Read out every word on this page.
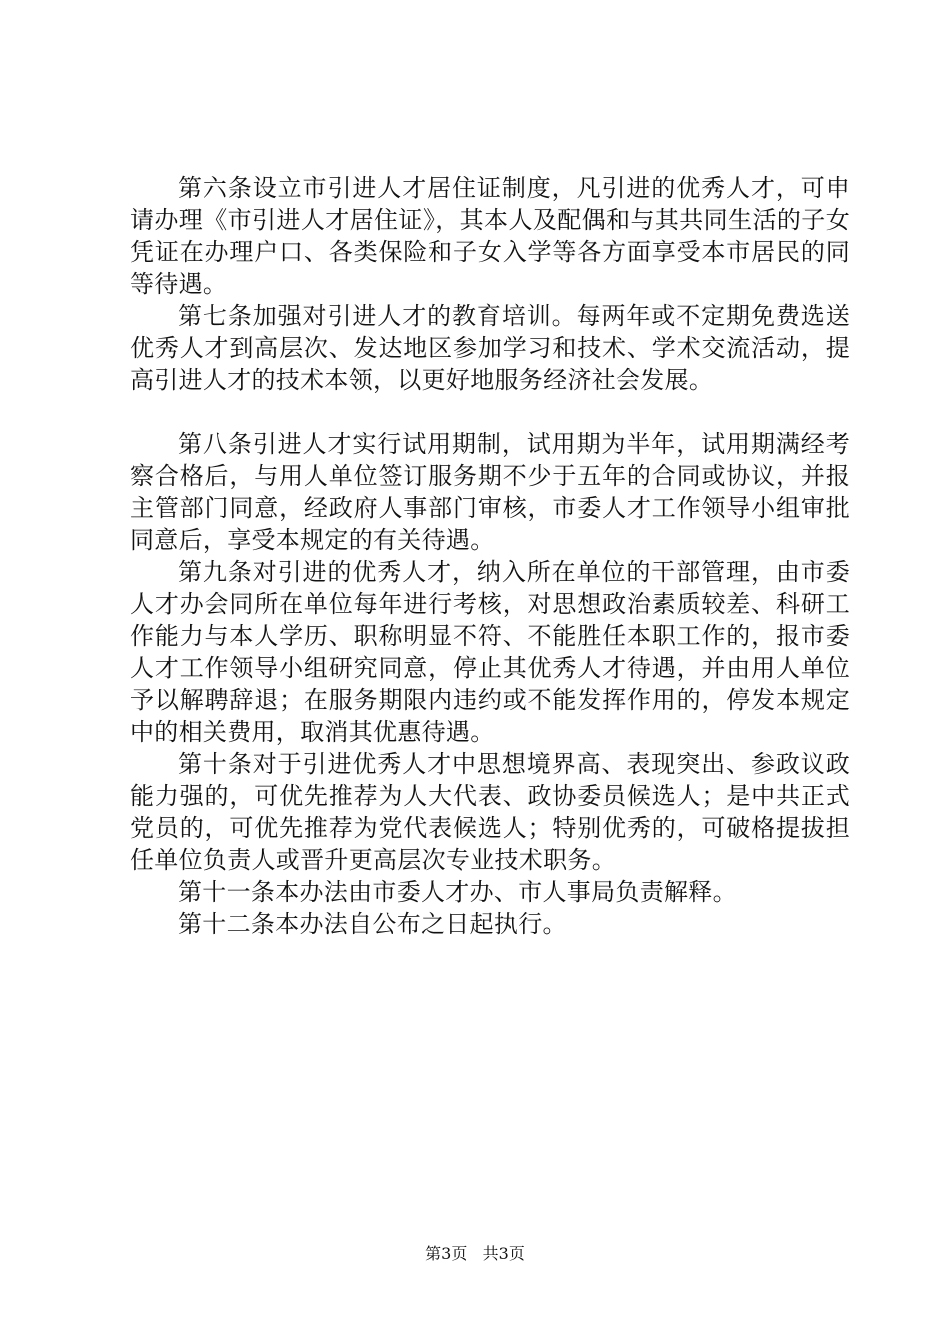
第六条设立市引进人才居住证制度，凡引进的优秀人才，可申请办理《市引进人才居住证》，其本人及配偶和与其共同生活的子女凭证在办理户口、各类保险和子女入学等各方面享受本市居民的同等待遇。

第七条加强对引进人才的教育培训。每两年或不定期免费选送优秀人才到高层次、发达地区参加学习和技术、学术交流活动，提高引进人才的技术本领，以更好地服务经济社会发展。

第八条引进人才实行试用期制，试用期为半年，试用期满经考察合格后，与用人单位签订服务期不少于五年的合同或协议，并报主管部门同意，经政府人事部门审核，市委人才工作领导小组审批同意后，享受本规定的有关待遇。

第九条对引进的优秀人才，纳入所在单位的干部管理，由市委人才办会同所在单位每年进行考核，对思想政治素质较差、科研工作能力与本人学历、职称明显不符、不能胜任本职工作的，报市委人才工作领导小组研究同意，停止其优秀人才待遇，并由用人单位予以解聘辞退；在服务期限内违约或不能发挥作用的，停发本规定中的相关费用，取消其优惠待遇。

第十条对于引进优秀人才中思想境界高、表现突出、参政议政能力强的，可优先推荐为人大代表、政协委员候选人；是中共正式党员的，可优先推荐为党代表候选人；特别优秀的，可破格提拔担任单位负责人或晋升更高层次专业技术职务。

第十一条本办法由市委人才办、市人事局负责解释。

第十二条本办法自公布之日起执行。

第3页 共3页
